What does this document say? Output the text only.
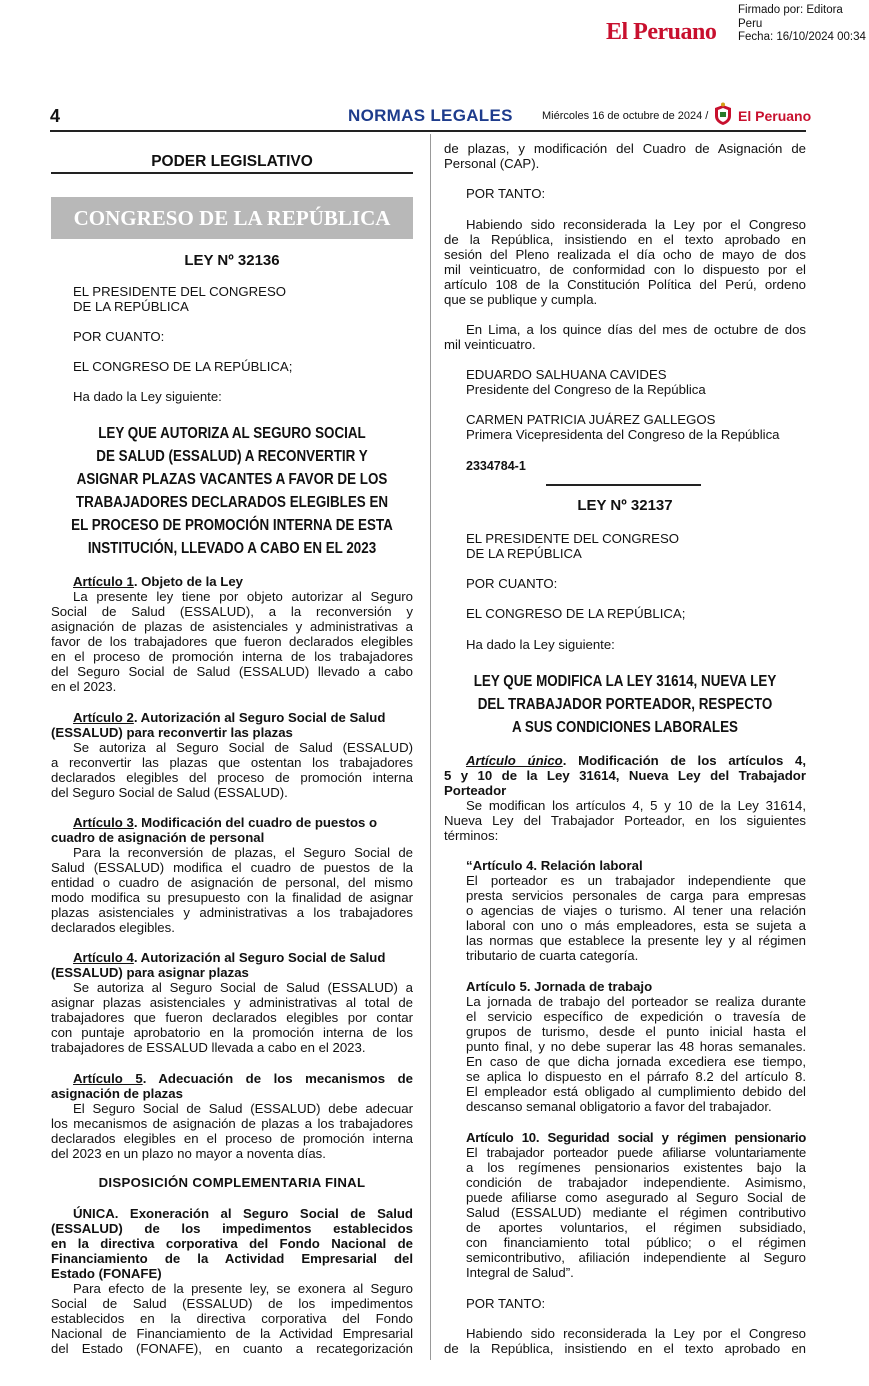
El Peruano
Firmado por: Editora
Peru
Fecha: 16/10/2024 00:34
4	NORMAS LEGALES	Miércoles 16 de octubre de 2024 / El Peruano
PODER LEGISLATIVO
CONGRESO DE LA REPÚBLICA
LEY Nº 32136
EL PRESIDENTE DEL CONGRESO
DE LA REPÚBLICA
POR CUANTO:
EL CONGRESO DE LA REPÚBLICA;
Ha dado la Ley siguiente:
LEY QUE AUTORIZA AL SEGURO SOCIAL
DE SALUD (ESSALUD) A RECONVERTIR Y
ASIGNAR PLAZAS VACANTES A FAVOR DE LOS
TRABAJADORES DECLARADOS ELEGIBLES EN
EL PROCESO DE PROMOCIÓN INTERNA DE ESTA
INSTITUCIÓN, LLEVADO A CABO EN EL 2023
Artículo 1. Objeto de la Ley

La presente ley tiene por objeto autorizar al Seguro

Social de Salud (ESSALUD), a la reconversión y

asignación de plazas de asistenciales y administrativas a

favor de los trabajadores que fueron declarados elegibles

en el proceso de promoción interna de los trabajadores

del Seguro Social de Salud (ESSALUD) llevado a cabo

en el 2023.

Artículo 2. Autorización al Seguro Social de Salud
(ESSALUD) para reconvertir las plazas

Se autoriza al Seguro Social de Salud (ESSALUD)

a reconvertir las plazas que ostentan los trabajadores

declarados elegibles del proceso de promoción interna

del Seguro Social de Salud (ESSALUD).

Artículo 3. Modificación del cuadro de puestos o
cuadro de asignación de personal

Para la reconversión de plazas, el Seguro Social de

Salud (ESSALUD) modifica el cuadro de puestos de la

entidad o cuadro de asignación de personal, del mismo

modo modifica su presupuesto con la finalidad de asignar

plazas asistenciales y administrativas a los trabajadores

declarados elegibles.

Artículo 4. Autorización al Seguro Social de Salud
(ESSALUD) para asignar plazas

Se autoriza al Seguro Social de Salud (ESSALUD) a

asignar plazas asistenciales y administrativas al total de

trabajadores que fueron declarados elegibles por contar

con puntaje aprobatorio en la promoción interna de los

trabajadores de ESSALUD llevada a cabo en el 2023.

Artículo 5. Adecuación de los mecanismos de
asignación de plazas

El Seguro Social de Salud (ESSALUD) debe adecuar

los mecanismos de asignación de plazas a los trabajadores

declarados elegibles en el proceso de promoción interna

del 2023 en un plazo no mayor a noventa días.

DISPOSICIÓN COMPLEMENTARIA FINAL

ÚNICA. Exoneración al Seguro Social de Salud

(ESSALUD) de los impedimentos establecidos

en la directiva corporativa del Fondo Nacional de

Financiamiento de la Actividad Empresarial del

Estado (FONAFE)

Para efecto de la presente ley, se exonera al Seguro

Social de Salud (ESSALUD) de los impedimentos

establecidos en la directiva corporativa del Fondo

Nacional de Financiamiento de la Actividad Empresarial

del Estado (FONAFE), en cuanto a recategorización

de plazas, y modificación del Cuadro de Asignación de

Personal (CAP).

POR TANTO:

Habiendo sido reconsiderada la Ley por el Congreso

de la República, insistiendo en el texto aprobado en

sesión del Pleno realizada el día ocho de mayo de dos

mil veinticuatro, de conformidad con lo dispuesto por el

artículo 108 de la Constitución Política del Perú, ordeno

que se publique y cumpla.

En Lima, a los quince días del mes de octubre de dos

mil veinticuatro.

EDUARDO SALHUANA CAVIDES
Presidente del Congreso de la República
CARMEN PATRICIA JUÁREZ GALLEGOS
Primera Vicepresidenta del Congreso de la República
2334784-1
LEY Nº 32137
EL PRESIDENTE DEL CONGRESO
DE LA REPÚBLICA
POR CUANTO:
EL CONGRESO DE LA REPÚBLICA;
Ha dado la Ley siguiente:
LEY QUE MODIFICA LA LEY 31614, NUEVA LEY
DEL TRABAJADOR PORTEADOR, RESPECTO
A SUS CONDICIONES LABORALES
Artículo único. Modificación de los artículos 4,
5 y 10 de la Ley 31614, Nueva Ley del Trabajador
Porteador

Se modifican los artículos 4, 5 y 10 de la Ley 31614,

Nueva Ley del Trabajador Porteador, en los siguientes

términos:

“Artículo 4. Relación laboral

El porteador es un trabajador independiente que

presta servicios personales de carga para empresas

o agencias de viajes o turismo. Al tener una relación

laboral con uno o más empleadores, esta se sujeta a

las normas que establece la presente ley y al régimen

tributario de cuarta categoría.

Artículo 5. Jornada de trabajo

La jornada de trabajo del porteador se realiza durante

el servicio específico de expedición o travesía de

grupos de turismo, desde el punto inicial hasta el

punto final, y no debe superar las 48 horas semanales.

En caso de que dicha jornada excediera ese tiempo,

se aplica lo dispuesto en el párrafo 8.2 del artículo 8.

El empleador está obligado al cumplimiento debido del

descanso semanal obligatorio a favor del trabajador.

Artículo 10. Seguridad social y régimen pensionario

El trabajador porteador puede afiliarse voluntariamente

a los regímenes pensionarios existentes bajo la

condición de trabajador independiente. Asimismo,

puede afiliarse como asegurado al Seguro Social de

Salud (ESSALUD) mediante el régimen contributivo

de aportes voluntarios, el régimen subsidiado,

con financiamiento total público; o el régimen

semicontributivo, afiliación independiente al Seguro

Integral de Salud”.

POR TANTO:

Habiendo sido reconsiderada la Ley por el Congreso

de la República, insistiendo en el texto aprobado en
